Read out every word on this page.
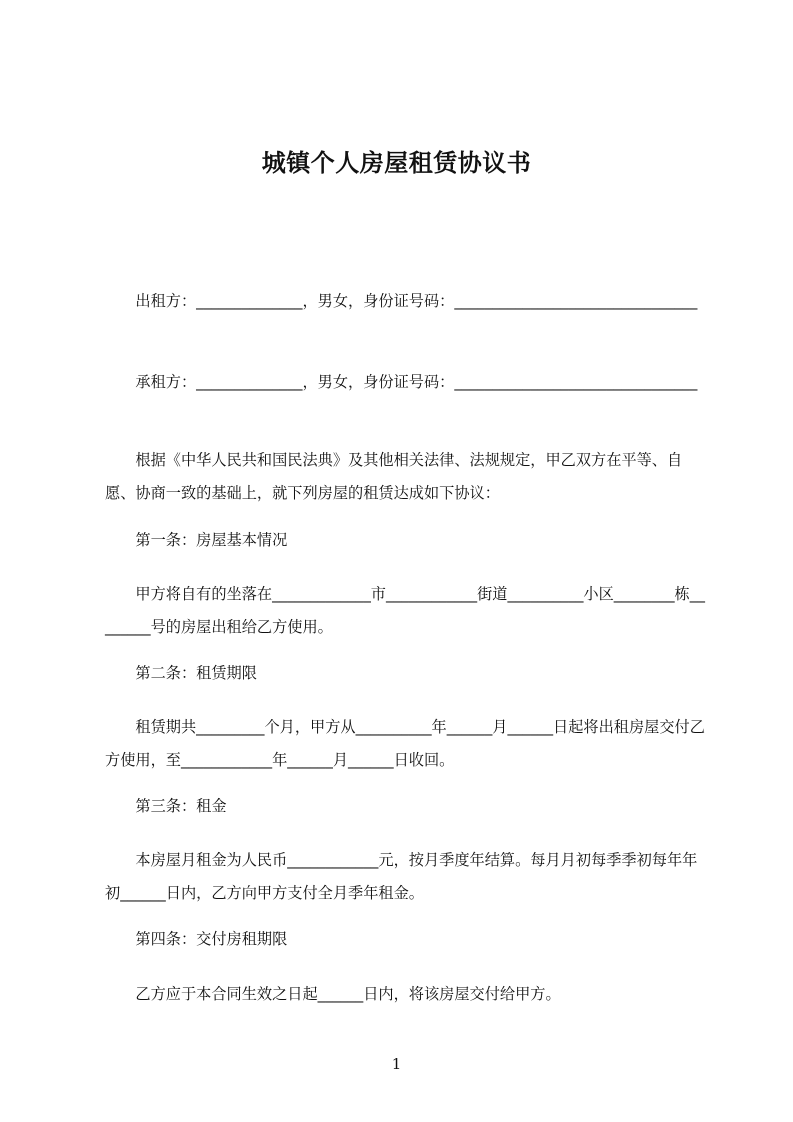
城镇个人房屋租赁协议书

出租方：______________，男女，身份证号码：________________________________

承租方：______________，男女，身份证号码：________________________________

根据《中华人民共和国民法典》及其他相关法律、法规规定，甲乙双方在平等、自愿、协商一致的基础上，就下列房屋的租赁达成如下协议：

第一条：房屋基本情况

甲方将自有的坐落在_____________市____________街道__________小区________栋________号的房屋出租给乙方使用。

第二条：租赁期限

租赁期共_________个月，甲方从__________年______月______日起将出租房屋交付乙方使用，至____________年______月______日收回。

第三条：租金

本房屋月租金为人民币____________元，按月季度年结算。每月月初每季季初每年年初______日内，乙方向甲方支付全月季年租金。

第四条：交付房租期限

乙方应于本合同生效之日起______日内，将该房屋交付给甲方。

1
